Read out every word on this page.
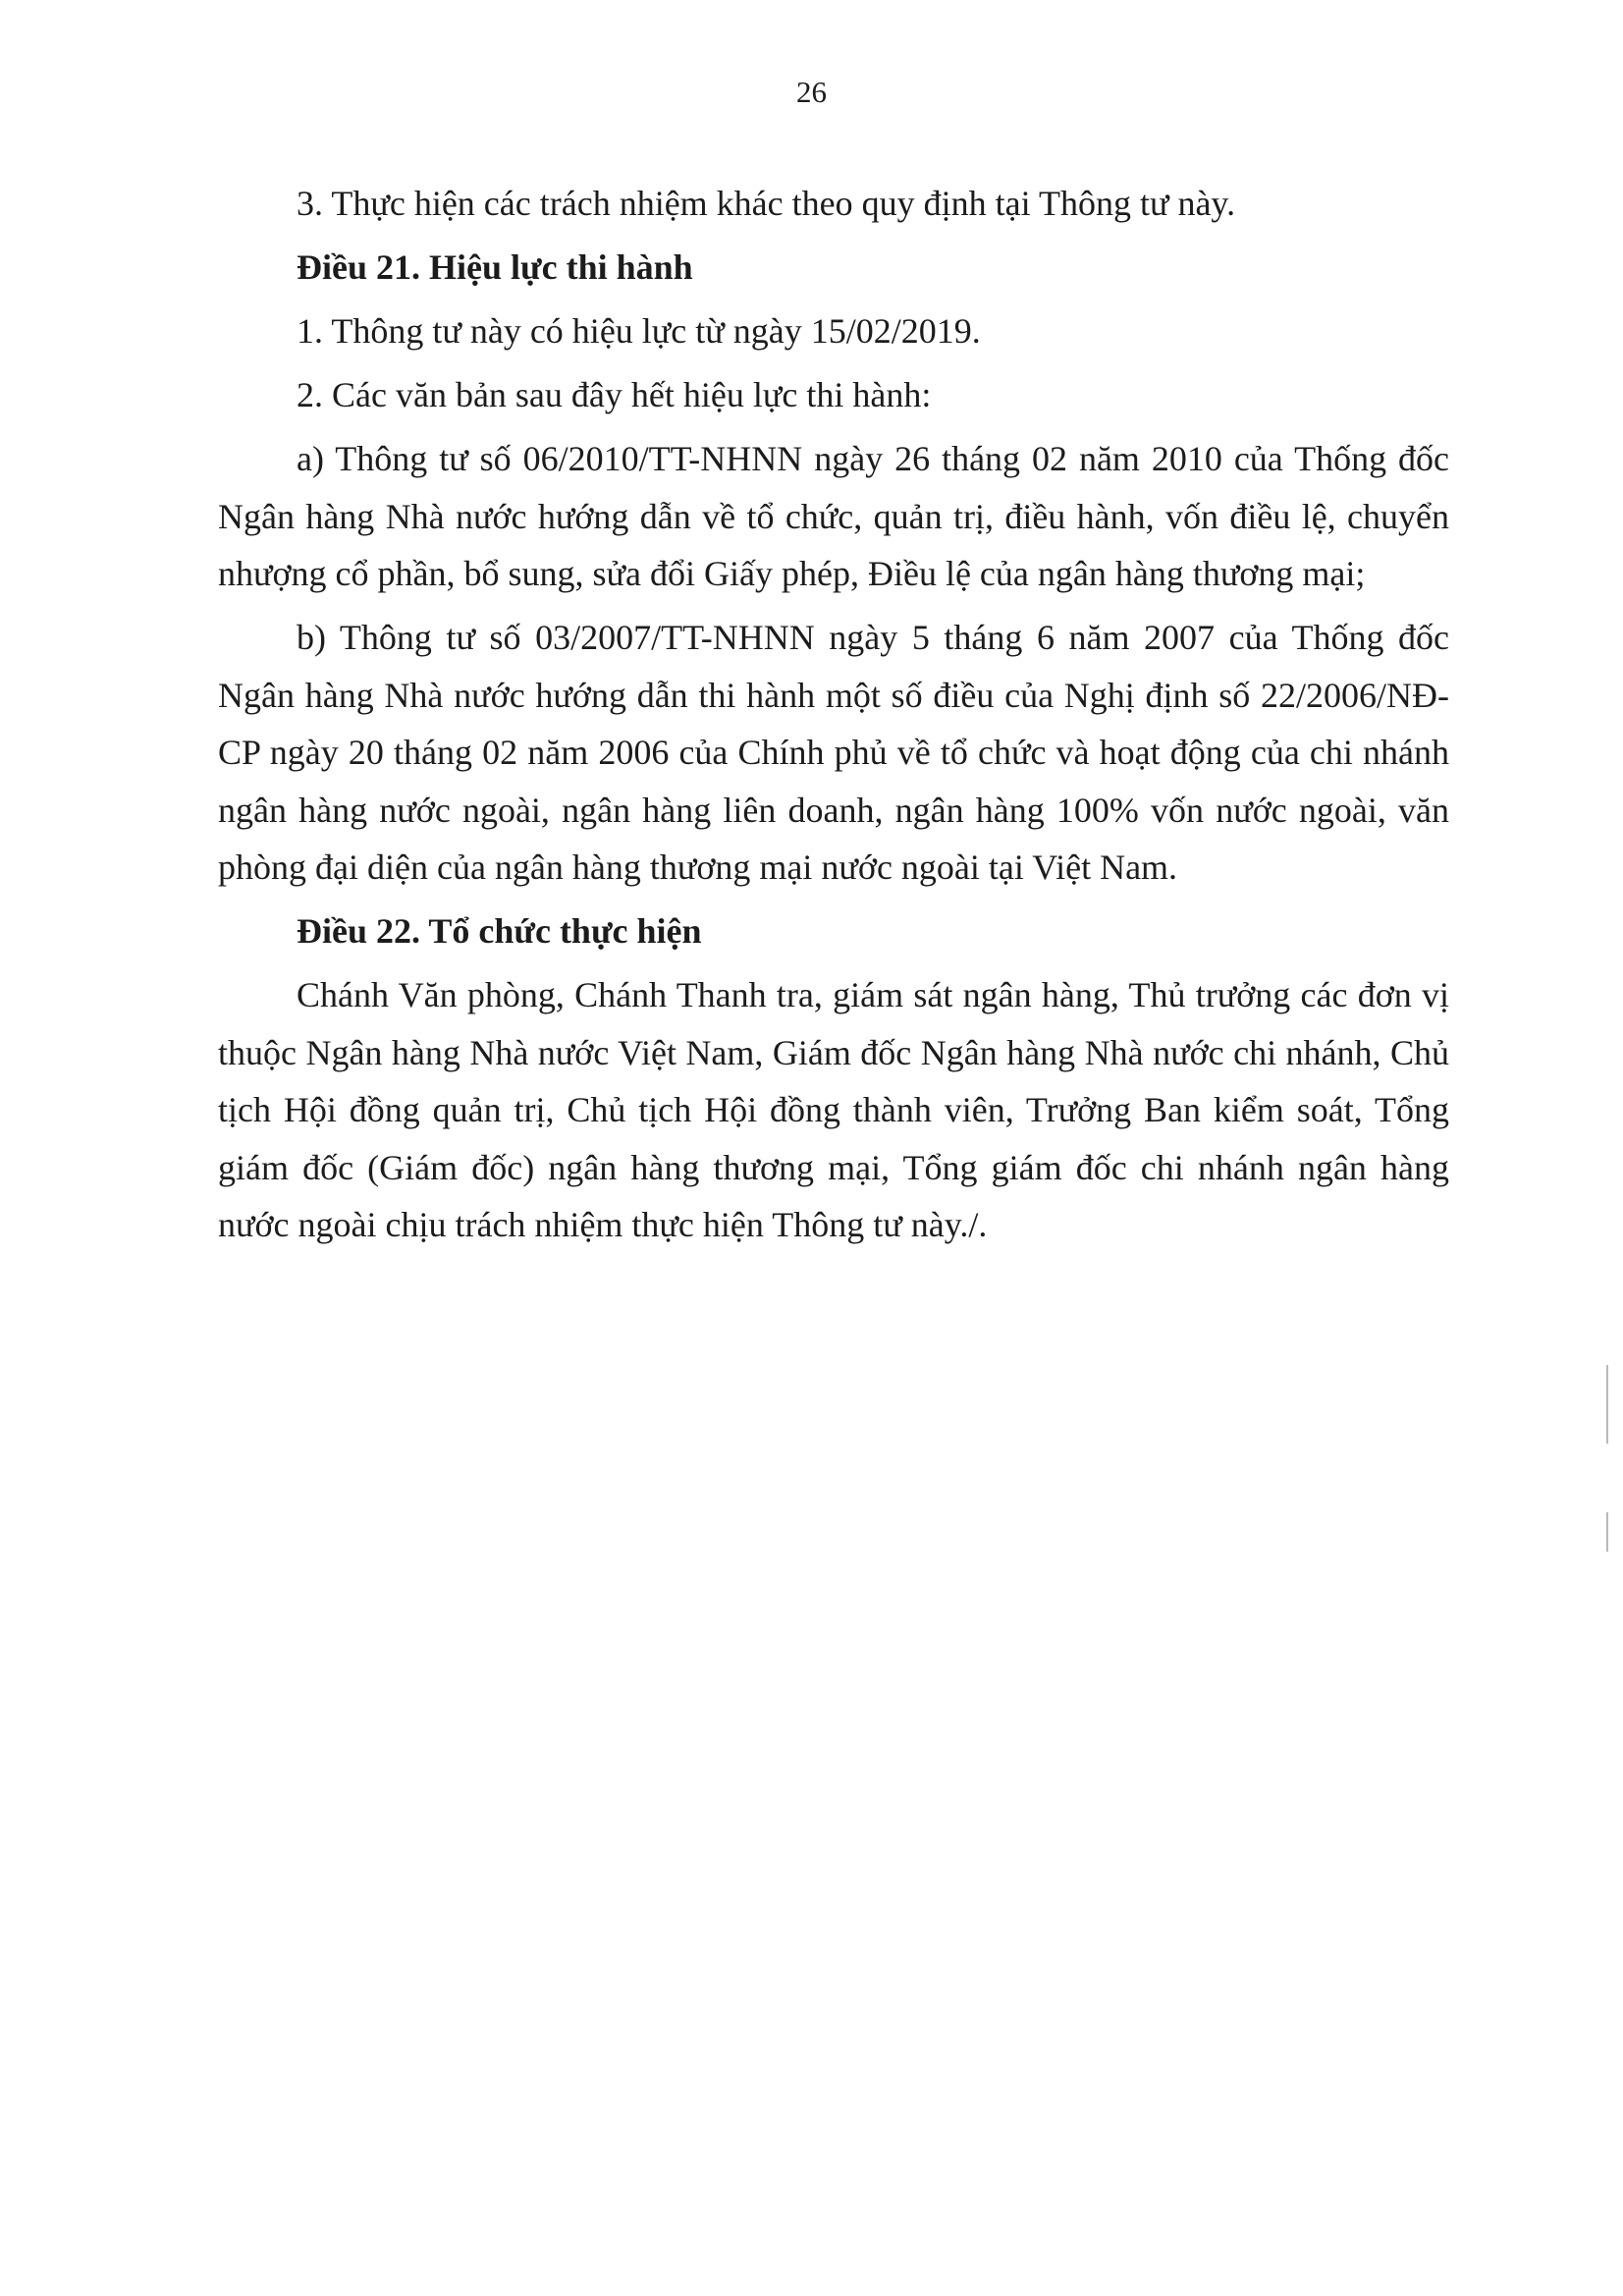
26

3. Thực hiện các trách nhiệm khác theo quy định tại Thông tư này.

Điều 21. Hiệu lực thi hành

1. Thông tư này có hiệu lực từ ngày 15/02/2019.

2. Các văn bản sau đây hết hiệu lực thi hành:

a) Thông tư số 06/2010/TT-NHNN ngày 26 tháng 02 năm 2010 của Thống đốc Ngân hàng Nhà nước hướng dẫn về tổ chức, quản trị, điều hành, vốn điều lệ, chuyển nhượng cổ phần, bổ sung, sửa đổi Giấy phép, Điều lệ của ngân hàng thương mại;

b) Thông tư số 03/2007/TT-NHNN ngày 5 tháng 6 năm 2007 của Thống đốc Ngân hàng Nhà nước hướng dẫn thi hành một số điều của Nghị định số 22/2006/NĐ-CP ngày 20 tháng 02 năm 2006 của Chính phủ về tổ chức và hoạt động của chi nhánh ngân hàng nước ngoài, ngân hàng liên doanh, ngân hàng 100% vốn nước ngoài, văn phòng đại diện của ngân hàng thương mại nước ngoài tại Việt Nam.

Điều 22. Tổ chức thực hiện

Chánh Văn phòng, Chánh Thanh tra, giám sát ngân hàng, Thủ trưởng các đơn vị thuộc Ngân hàng Nhà nước Việt Nam, Giám đốc Ngân hàng Nhà nước chi nhánh, Chủ tịch Hội đồng quản trị, Chủ tịch Hội đồng thành viên, Trưởng Ban kiểm soát, Tổng giám đốc (Giám đốc) ngân hàng thương mại, Tổng giám đốc chi nhánh ngân hàng nước ngoài chịu trách nhiệm thực hiện Thông tư này./.
